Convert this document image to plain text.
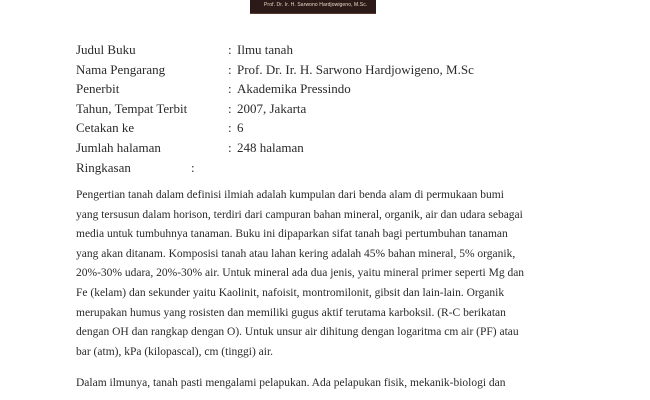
Prof. Dr. Ir. H. Sarwono Hardjowigeno, M.Sc.
Judul Buku	: Ilmu tanah
Nama Pengarang	: Prof. Dr. Ir. H. Sarwono Hardjowigeno, M.Sc
Penerbit	: Akademika Pressindo
Tahun, Tempat Terbit	: 2007, Jakarta
Cetakan ke	: 6
Jumlah halaman	: 248 halaman
Ringkasan	:
Pengertian tanah dalam definisi ilmiah adalah kumpulan dari benda alam di permukaan bumi
yang tersusun dalam horison, terdiri dari campuran bahan mineral, organik, air dan udara sebagai
media untuk tumbuhnya tanaman. Buku ini dipaparkan sifat tanah bagi pertumbuhan tanaman
yang akan ditanam. Komposisi tanah atau lahan kering adalah 45% bahan mineral, 5% organik,
20%-30% udara, 20%-30% air. Untuk mineral ada dua jenis, yaitu mineral primer seperti Mg dan
Fe (kelam) dan sekunder yaitu Kaolinit, nafoisit, montromilonit, gibsit dan lain-lain. Organik
merupakan humus yang rosisten dan memiliki gugus aktif terutama karboksil. (R-C berikatan
dengan OH dan rangkap dengan O). Untuk unsur air dihitung dengan logaritma cm air (PF) atau
bar (atm), kPa (kilopascal), cm (tinggi) air.
Dalam ilmunya, tanah pasti mengalami pelapukan. Ada pelapukan fisik, mekanik-biologi dan
